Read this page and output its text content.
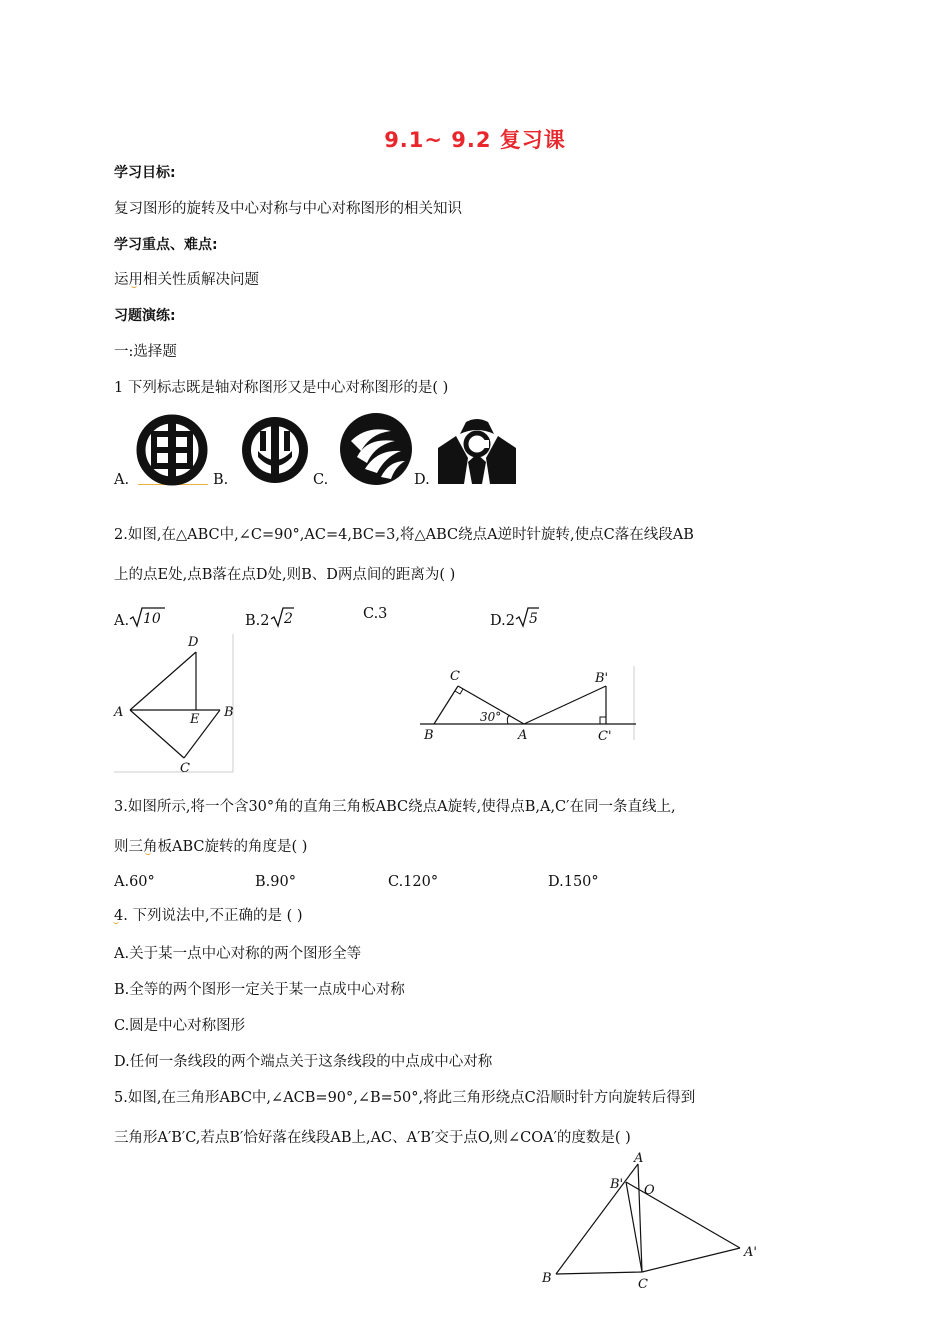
9.1~ 9.2 复习课
学习目标:
复习图形的旋转及中心对称与中心对称图形的相关知识
学习重点、难点:
运用相关性质解决问题
习题演练:
一:选择题
1 下列标志既是轴对称图形又是中心对称图形的是( )
A.	B.	C.	D.
2.如图,在△ABC中,∠C=90°,AC=4,BC=3,将△ABC绕点A逆时针旋转,使点C落在线段AB
上的点E处,点B落在点D处,则B、D两点间的距离为( )
A. 10	B.2 2	C.3	D.2 5
D
A	E B
C
C	B'
30°
B	A	C'
3.如图所示,将一个含30°角的直角三角板ABC绕点A旋转,使得点B,A,C′在同一条直线上,
则三角板ABC旋转的角度是( )
A.60°	B.90°	C.120°	D.150°
4. 下列说法中,不正确的是 ( )
A.关于某一点中心对称的两个图形全等
B.全等的两个图形一定关于某一点成中心对称
C.圆是中心对称图形
D.任何一条线段的两个端点关于这条线段的中点成中心对称
5.如图,在三角形ABC中,∠ACB=90°,∠B=50°,将此三角形绕点C沿顺时针方向旋转后得到
三角形A′B′C,若点B′恰好落在线段AB上,AC、A′B′交于点O,则∠COA′的度数是( )
A
B' O
A'
B	C
